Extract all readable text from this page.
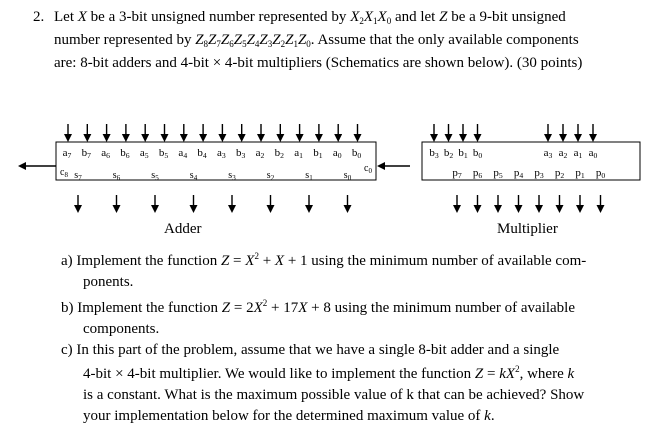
2. Let X be a 3-bit unsigned number represented by $X_2X_1X_0$ and let Z be a 9-bit unsigned
number represented by $Z_8Z_7Z_6Z_5Z_4Z_3Z_2Z_1Z_0$. Assume that the only available components
are: 8-bit adders and 4-bit × 4-bit multipliers (Schematics are shown below). (30 points)
a7 b7 a6 b6 a5 b5 a4 b4 a3 b3 a2 b2 a1 b1 a0 b0
$s_7$	$s_6$	$s_5$	$s_4$	$s_3$	$s_2$	$s_1$	$s_0$
$c_8$
$c_0$
b3 b2 b1 b0	a3 a2 a1 a0
p7 p6 p5 p4 p3 p2 p1 p0
Adder	Multiplier
a) Implement the function $Z = X^2 + X + 1$ using the minimum number of available com-
ponents.
b) Implement the function $Z = 2X^2 + 17X + 8$ using the minimum number of available
components.
c) In this part of the problem, assume that we have a single 8-bit adder and a single
4-bit × 4-bit multiplier. We would like to implement the function $Z = kX^2$, where k
is a constant. What is the maximum possible value of k that can be achieved? Show
your implementation below for the determined maximum value of k.
